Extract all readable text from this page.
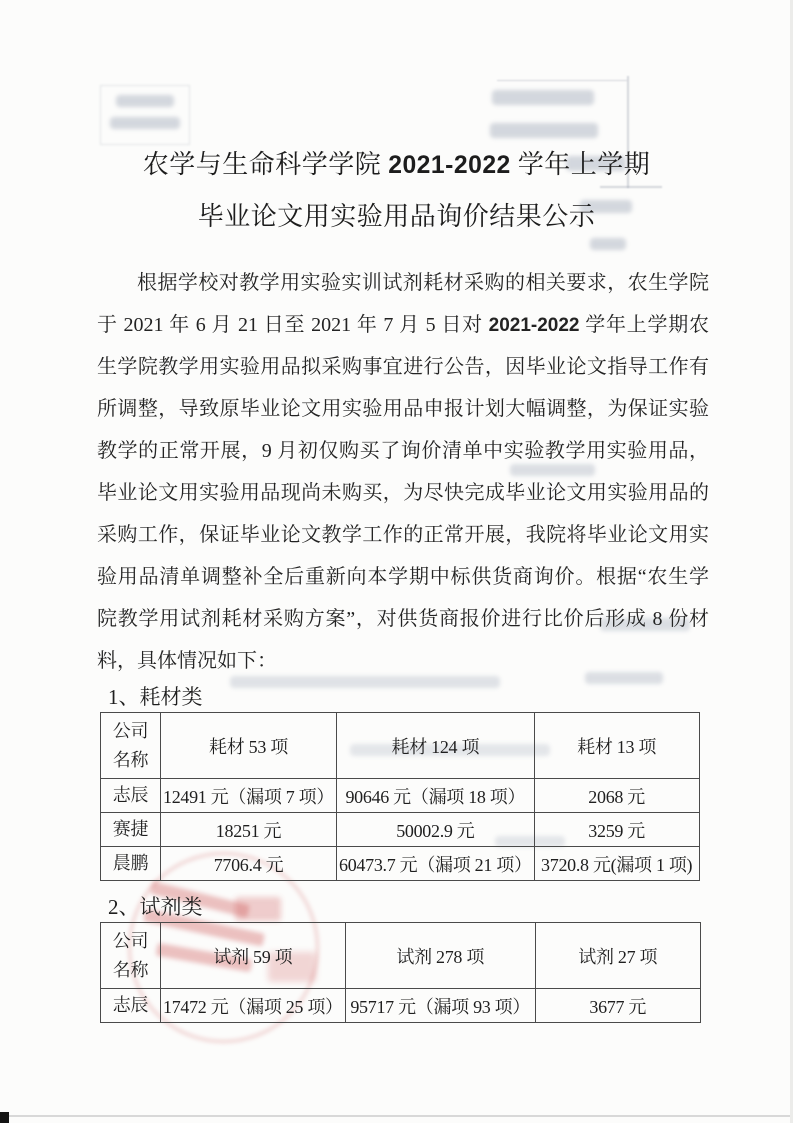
农学与生命科学学院 2021-2022 学年上学期
毕业论文用实验用品询价结果公示
根据学校对教学用实验实训试剂耗材采购的相关要求，农生学院
于 2021 年 6 月 21 日至 2021 年 7 月 5 日对 2021-2022 学年上学期农
生学院教学用实验用品拟采购事宜进行公告，因毕业论文指导工作有
所调整，导致原毕业论文用实验用品申报计划大幅调整，为保证实验
教学的正常开展，9 月初仅购买了询价清单中实验教学用实验用品，
毕业论文用实验用品现尚未购买，为尽快完成毕业论文用实验用品的
采购工作，保证毕业论文教学工作的正常开展，我院将毕业论文用实
验用品清单调整补全后重新向本学期中标供货商询价。根据“农生学
院教学用试剂耗材采购方案”，对供货商报价进行比价后形成 8 份材
料，具体情况如下：
1、耗材类
公司名称	耗材 53 项	耗材 124 项	耗材 13 项
志辰	12491 元（漏项 7 项）	90646 元（漏项 18 项）	2068 元
赛捷	18251 元	50002.9 元	3259 元
晨鹏	7706.4 元	60473.7 元（漏项 21 项）	3720.8 元(漏项 1 项)
2、试剂类
公司名称	试剂 59 项	试剂 278 项	试剂 27 项
志辰	17472 元（漏项 25 项）	95717 元（漏项 93 项）	3677 元
